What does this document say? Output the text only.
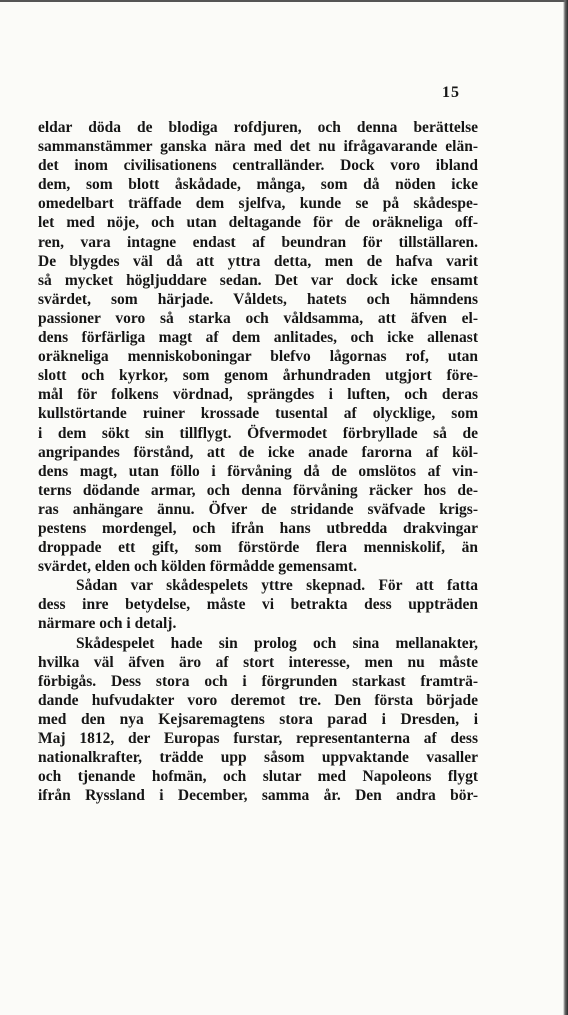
15
eldar döda de blodiga rofdjuren, och denna berättelse
sammanstämmer ganska nära med det nu ifrågavarande elän-
det inom civilisationens centralländer. Dock voro ibland
dem, som blott åskådade, många, som då nöden icke
omedelbart träffade dem sjelfva, kunde se på skådespe-
let med nöje, och utan deltagande för de oräkneliga off‑
ren, vara intagne endast af beundran för tillställaren.
De blygdes väl då att yttra detta, men de hafva varit
så mycket högljuddare sedan. Det var dock icke ensamt
svärdet, som härjade. Våldets, hatets och hämndens
passioner voro så starka och våldsamma, att äfven el-
dens förfärliga magt af dem anlitades, och icke allenast
oräkneliga menniskoboningar blefvo lågornas rof, utan
slott och kyrkor, som genom århundraden utgjort före-
mål för folkens vördnad, sprängdes i luften, och deras
kullstörtande ruiner krossade tusental af olycklige, som
i dem sökt sin tillflygt. Öfvermodet förbryllade så de
angripandes förstånd, att de icke anade farorna af köl-
dens magt, utan föllo i förvåning då de omslötos af vin-
terns dödande armar, och denna förvåning räcker hos de-
ras anhängare ännu. Öfver de stridande sväfvade krigs-
pestens mordengel, och ifrån hans utbredda drakvingar
droppade ett gift, som förstörde flera menniskolif, än
svärdet, elden och kölden förmådde gemensamt.
Sådan var skådespelets yttre skepnad. För att fatta
dess inre betydelse, måste vi betrakta dess uppträden
närmare och i detalj.
Skådespelet hade sin prolog och sina mellanakter,
hvilka väl äfven äro af stort interesse, men nu måste
förbigås. Dess stora och i förgrunden starkast framträ-
dande hufvudakter voro deremot tre. Den första började
med den nya Kejsaremagtens stora parad i Dresden, i
Maj 1812, der Europas furstar, representanterna af dess
nationalkrafter, trädde upp såsom uppvaktande vasaller
och tjenande hofmän, och slutar med Napoleons flygt
ifrån Ryssland i December, samma år. Den andra bör-
